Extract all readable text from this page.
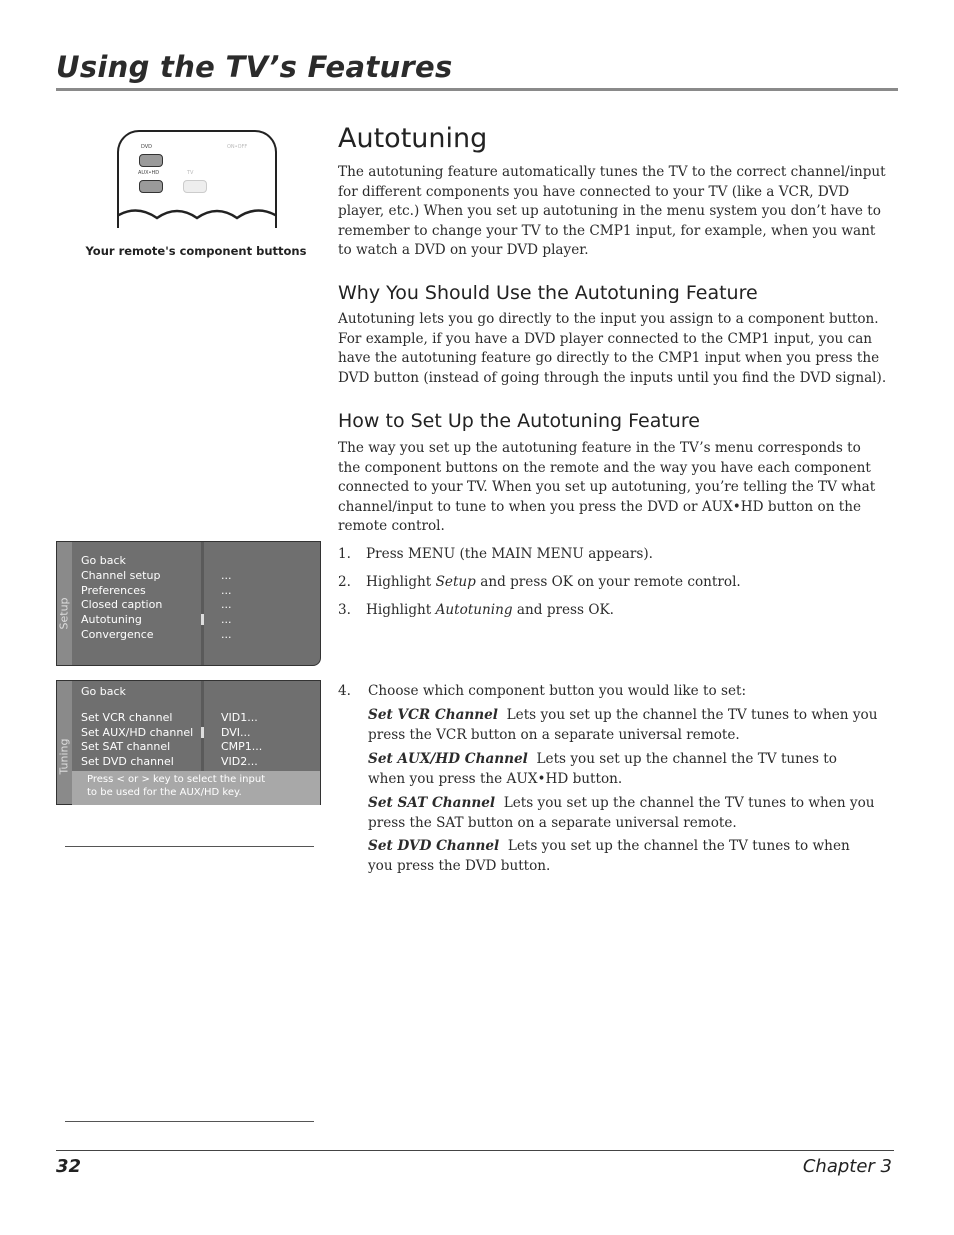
Using the TV’s Features
DVD	ON•OFF
AUX•HD	TV
Your remote's component buttons
Autotuning

The autotuning feature automatically tunes the TV to the correct channel/input for different components you have connected to your TV (like a VCR, DVD player, etc.) When you set up autotuning in the menu system you don’t have to remember to change your TV to the CMP1 input, for example, when you want to watch a DVD on your DVD player.

Why You Should Use the Autotuning Feature

Autotuning lets you go directly to the input you assign to a component button. For example, if you have a DVD player connected to the CMP1 input, you can have the autotuning feature go directly to the CMP1 input when you press the DVD button (instead of going through the inputs until you find the DVD signal).

How to Set Up the Autotuning Feature

The way you set up the autotuning feature in the TV’s menu corresponds to the component buttons on the remote and the way you have each component connected to your TV. When you set up autotuning, you’re telling the TV what channel/input to tune to when you press the DVD or AUX•HD button on the remote control.

1. Press MENU (the MAIN MENU appears).
2. Highlight Setup and press OK on your remote control.
3. Highlight Autotuning and press OK.
4. Choose which component button you would like to set:

Set VCR Channel Lets you set up the channel the TV tunes to when you press the VCR button on a separate universal remote.

Set AUX/HD Channel Lets you set up the channel the TV tunes to when you press the AUX•HD button.

Set SAT Channel Lets you set up the channel the TV tunes to when you press the SAT button on a separate universal remote.

Set DVD Channel Lets you set up the channel the TV tunes to when you press the DVD button.

Setup
Go back
Channel setup	...
Preferences	...
Closed caption	...
Autotuning	...
Convergence	...
Tuning
Go back
Set VCR channel	VID1...
Set AUX/HD channel	DVI...
Set SAT channel	CMP1...
Set DVD channel	VID2...
Press < or > key to select the input
to be used for the AUX/HD key.
32	Chapter 3
